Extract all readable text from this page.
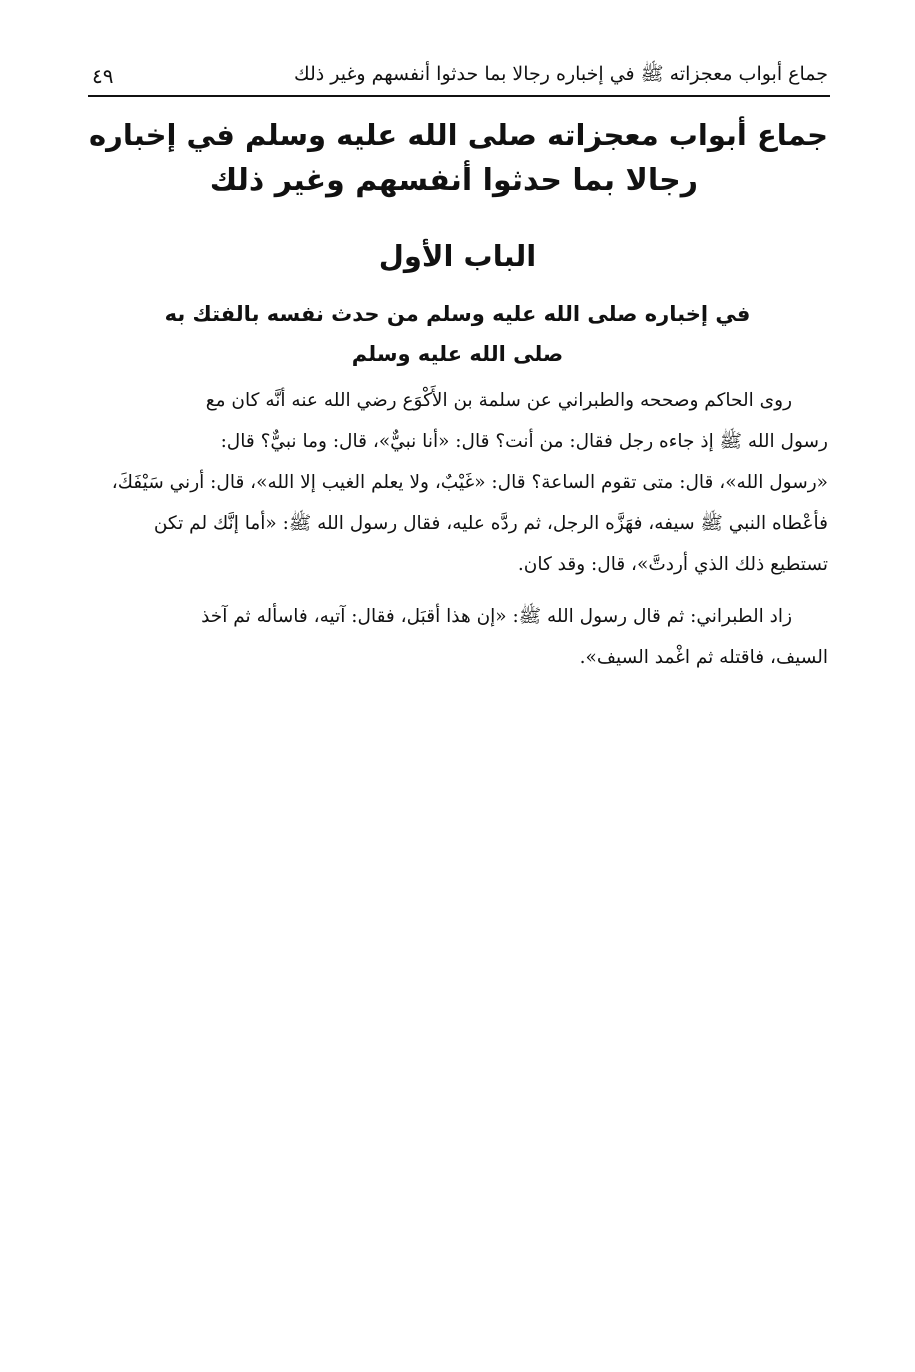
جماع أبواب معجزاته ﷺ في إخباره رجالا بما حدثوا أنفسهم وغير ذلك
٤٩
جماع أبواب معجزاته صلى الله عليه وسلم في إخباره
رجالا بما حدثوا أنفسهم وغير ذلك
الباب الأول
في إخباره صلى الله عليه وسلم من حدث نفسه بالفتك به
صلى الله عليه وسلم
روى الحاكم وصححه والطبراني عن سلمة بن الأَكْوَع رضي الله عنه أنَّه كان مع
رسول الله ﷺ إذ جاءه رجل فقال: من أنت؟ قال: «أنا نبيٌّ»، قال: وما نبيٌّ؟ قال:
«رسول الله»، قال: متى تقوم الساعة؟ قال: «غَيْبٌ، ولا يعلم الغيب إلا الله»، قال: أرني سَيْفَكَ،
فأعْطاه النبي ﷺ سيفه، فهَزَّه الرجل، ثم ردَّه عليه، فقال رسول الله ﷺ: «أما إنَّك لم تكن
تستطيع ذلك الذي أردتَّ»، قال: وقد كان.
زاد الطبراني: ثم قال رسول الله ﷺ: «إن هذا أقبَل، فقال: آتيه، فاسأله ثم آخذ
السيف، فاقتله ثم اغْمد السيف».
